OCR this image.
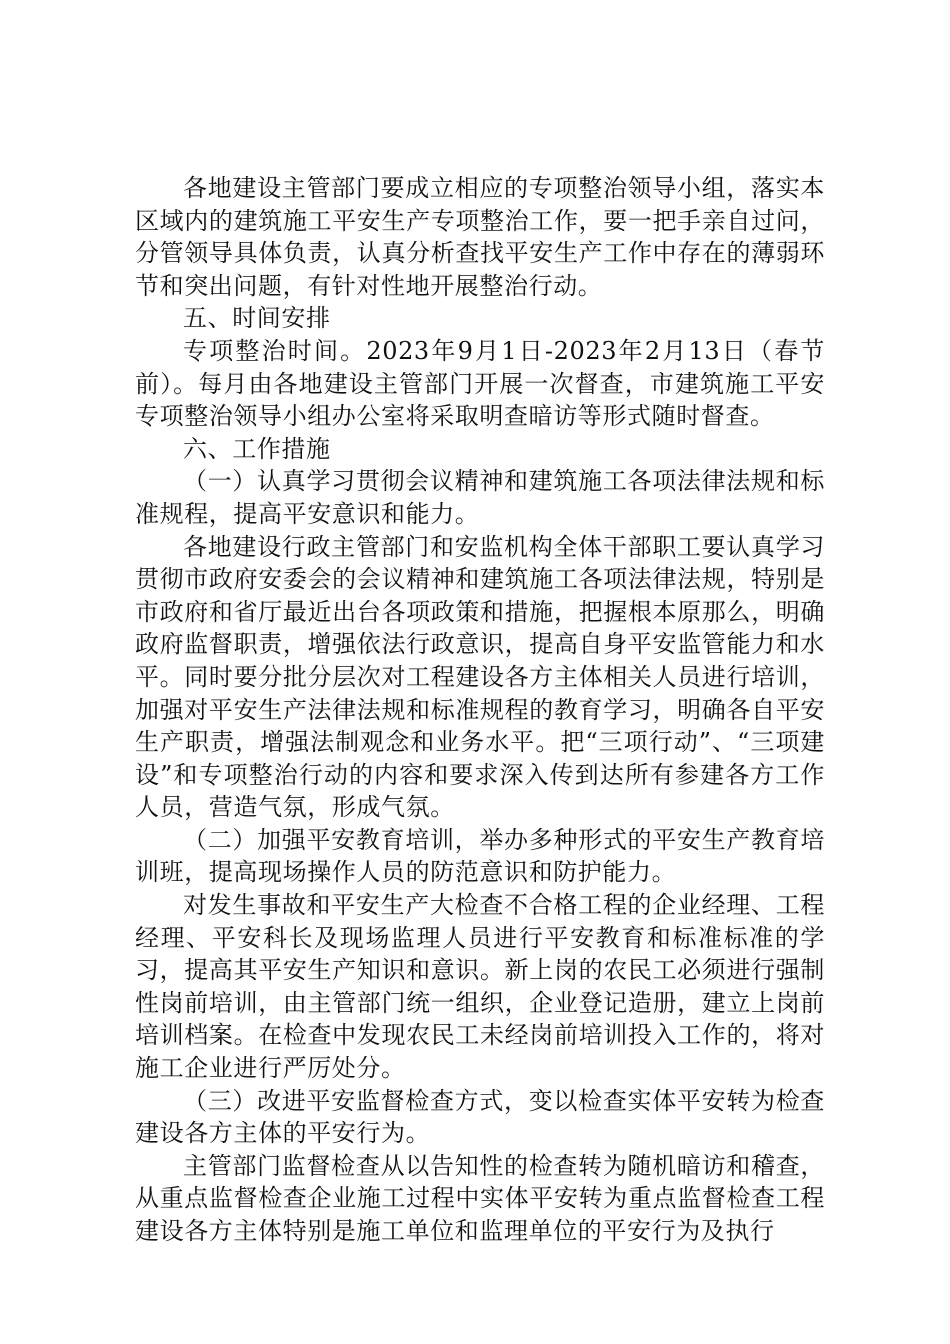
各地建设主管部门要成立相应的专项整治领导小组，落实本区域内的建筑施工平安生产专项整治工作，要一把手亲自过问，分管领导具体负责，认真分析查找平安生产工作中存在的薄弱环节和突出问题，有针对性地开展整治行动。

五、时间安排

专项整治时间。2023年9月1日-2023年2月13日（春节前）。每月由各地建设主管部门开展一次督查，市建筑施工平安专项整治领导小组办公室将采取明查暗访等形式随时督查。

六、工作措施

（一）认真学习贯彻会议精神和建筑施工各项法律法规和标准规程，提高平安意识和能力。

各地建设行政主管部门和安监机构全体干部职工要认真学习贯彻市政府安委会的会议精神和建筑施工各项法律法规，特别是市政府和省厅最近出台各项政策和措施，把握根本原那么，明确政府监督职责，增强依法行政意识，提高自身平安监管能力和水平。同时要分批分层次对工程建设各方主体相关人员进行培训，加强对平安生产法律法规和标准规程的教育学习，明确各自平安生产职责，增强法制观念和业务水平。把“三项行动”、“三项建设”和专项整治行动的内容和要求深入传到达所有参建各方工作人员，营造气氛，形成气氛。

（二）加强平安教育培训，举办多种形式的平安生产教育培训班，提高现场操作人员的防范意识和防护能力。

对发生事故和平安生产大检查不合格工程的企业经理、工程经理、平安科长及现场监理人员进行平安教育和标准标准的学习，提高其平安生产知识和意识。新上岗的农民工必须进行强制性岗前培训，由主管部门统一组织，企业登记造册，建立上岗前培训档案。在检查中发现农民工未经岗前培训投入工作的，将对施工企业进行严厉处分。

（三）改进平安监督检查方式，变以检查实体平安转为检查建设各方主体的平安行为。

主管部门监督检查从以告知性的检查转为随机暗访和稽查，从重点监督检查企业施工过程中实体平安转为重点监督检查工程建设各方主体特别是施工单位和监理单位的平安行为及执行
